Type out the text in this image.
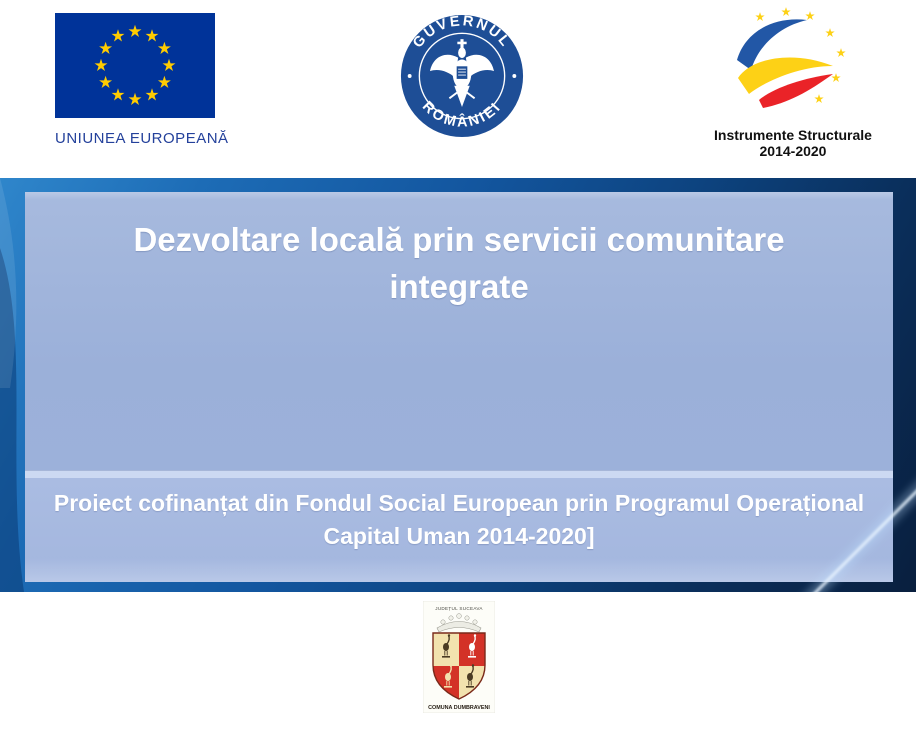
UNIUNEA EUROPEANĂ
GUVERNUL
ROMÂNIEI
Instrumente Structurale
2014-2020
Dezvoltare locală prin servicii comunitare
integrate
Proiect cofinanțat din Fondul Social European prin Programul Operațional
Capital Uman 2014-2020]
JUDEȚUL SUCEAVA
COMUNA DUMBRAVENI
